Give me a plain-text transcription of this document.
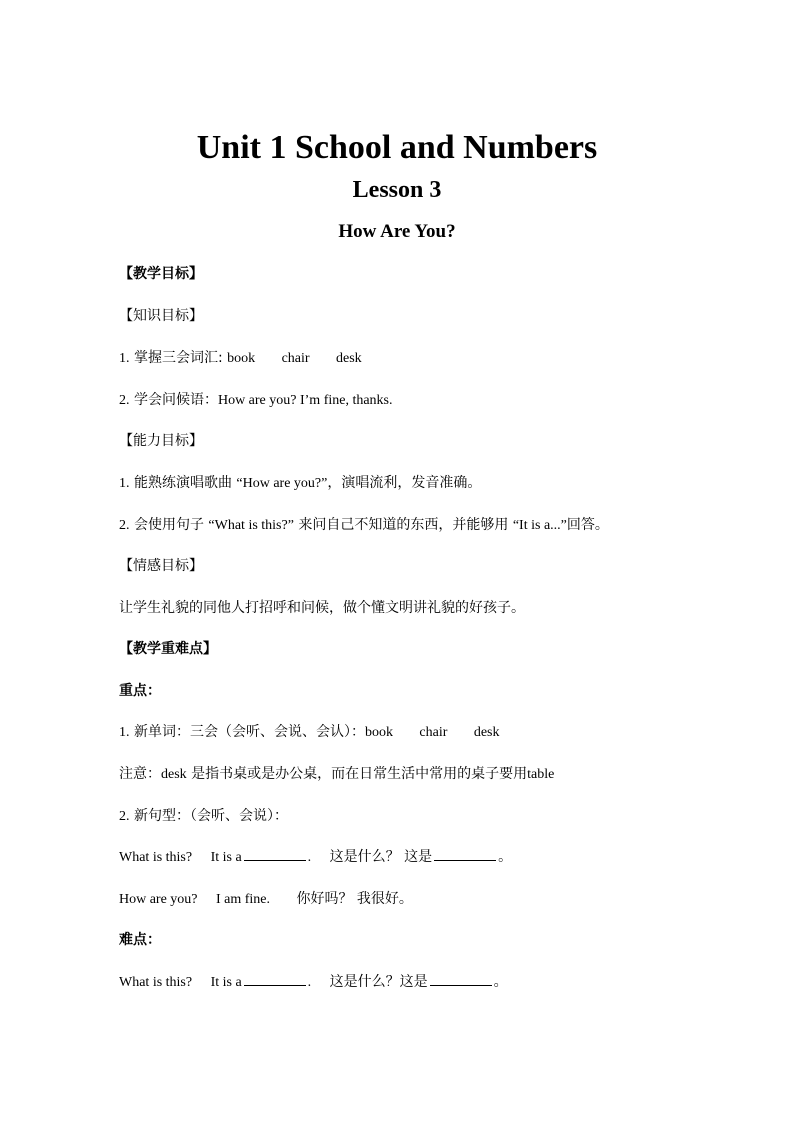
Unit 1 School and Numbers
Lesson 3
How Are You?
【教学目标】
【知识目标】
1. 掌握三会词汇: book chair desk
2. 学会问候语：How are you? I’m fine, thanks.
【能力目标】
1. 能熟练演唱歌曲 “How are you?”，演唱流利，发音准确。
2. 会使用句子 “What is this?” 来问自己不知道的东西，并能够用 “It is a...”回答。
【情感目标】
让学生礼貌的同他人打招呼和问候，做个懂文明讲礼貌的好孩子。
【教学重难点】
重点：
1. 新单词：三会（会听、会说、会认）：book chair desk
注意：desk 是指书桌或是办公桌，而在日常生活中常用的桌子要用table
2. 新句型：（会听、会说）：
What is this? It is a	. 这是什么？ 这是	。
How are you? I am fine. 你好吗？ 我很好。
难点：
What is this? It is a	. 这是什么？这是	。
